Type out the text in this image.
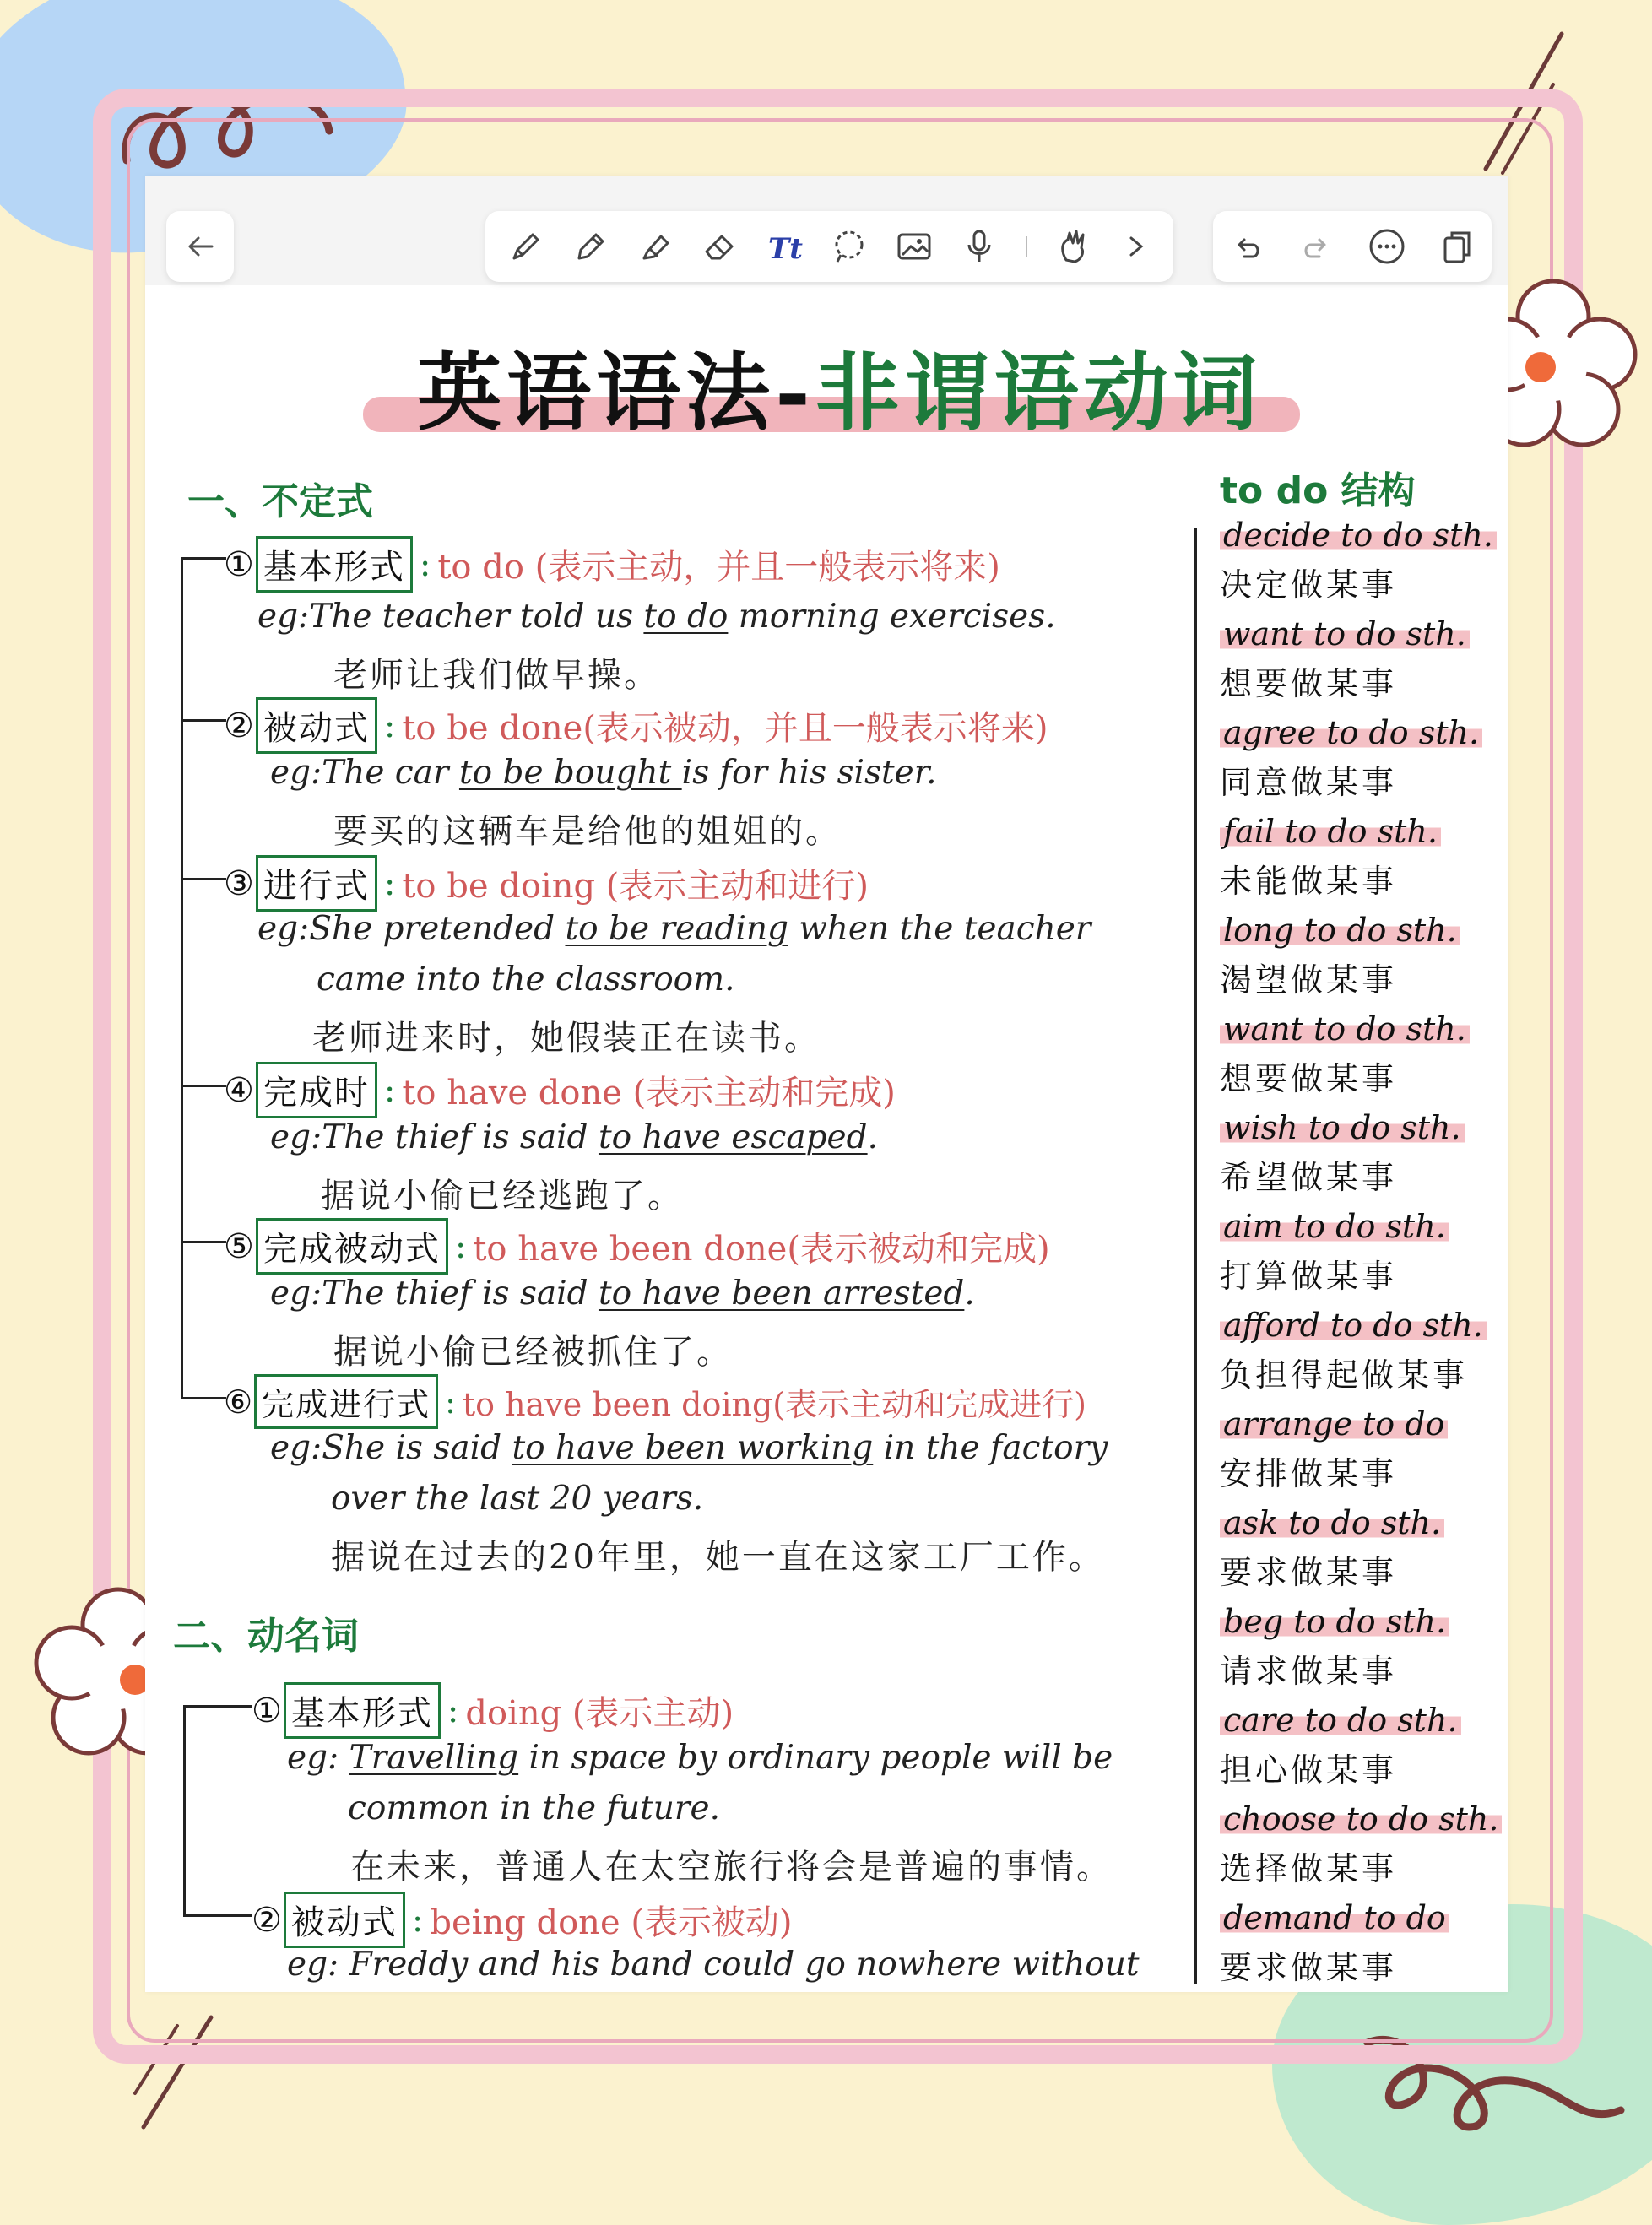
Tt
英语语法-非谓语动词
一、不定式
① 基本形式 : to do (表示主动，并且一般表示将来)
eg:The teacher told us to do morning exercises.
老师让我们做早操。
② 被动式 : to be done(表示被动，并且一般表示将来)
eg:The car to be bought is for his sister.
要买的这辆车是给他的姐姐的。
③ 进行式 : to be doing (表示主动和进行)
eg:She pretended to be reading when the teacher
came into the classroom.
老师进来时，她假装正在读书。
④ 完成时 : to have done (表示主动和完成)
eg:The thief is said to have escaped.
据说小偷已经逃跑了。
⑤ 完成被动式 : to have been done(表示被动和完成)
eg:The thief is said to have been arrested.
据说小偷已经被抓住了。
⑥ 完成进行式 : to have been doing(表示主动和完成进行)
eg:She is said to have been working in the factory
over the last 20 years.
据说在过去的20年里，她一直在这家工厂工作。
二、动名词
① 基本形式 : doing (表示主动)
eg: Travelling in space by ordinary people will be
common in the future.
在未来，普通人在太空旅行将会是普遍的事情。
② 被动式 : being done (表示被动)
eg: Freddy and his band could go nowhere without
to do 结构
decide to do sth.
决定做某事
want to do sth.
想要做某事
agree to do sth.
同意做某事
fail to do sth.
未能做某事
long to do sth.
渴望做某事
want to do sth.
想要做某事
wish to do sth.
希望做某事
aim to do sth.
打算做某事
afford to do sth.
负担得起做某事
arrange to do
安排做某事
ask to do sth.
要求做某事
beg to do sth.
请求做某事
care to do sth.
担心做某事
choose to do sth.
选择做某事
demand to do
要求做某事
